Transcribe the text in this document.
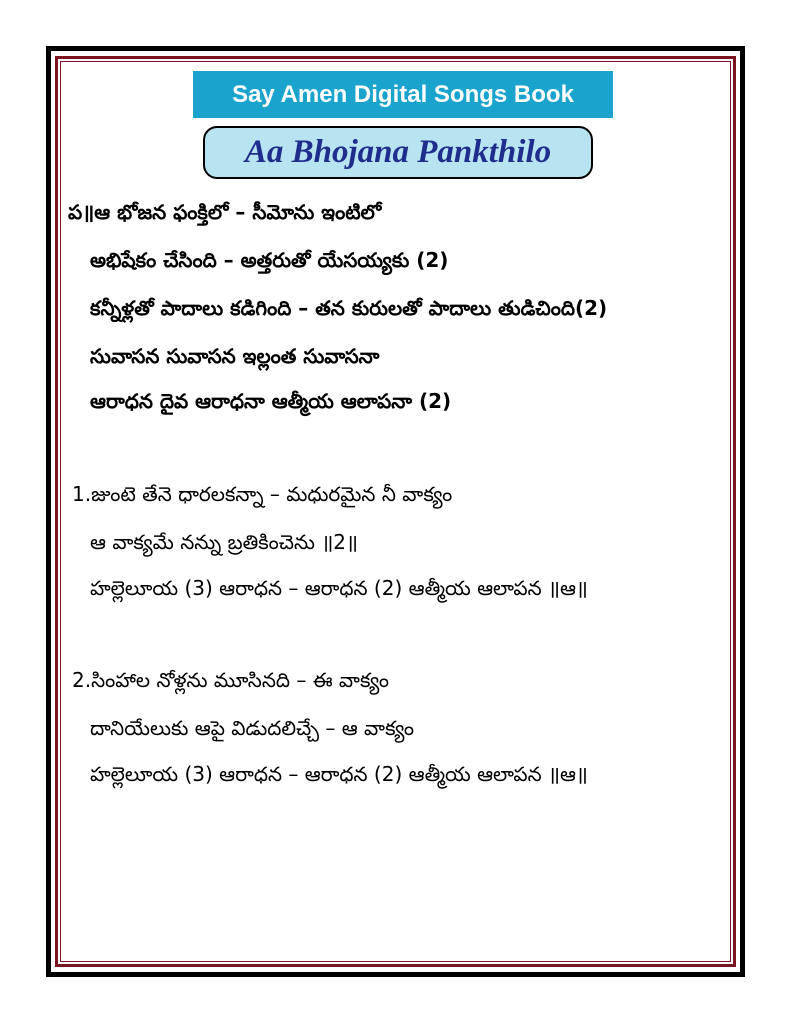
Say Amen Digital Songs Book
Aa Bhojana Pankthilo
ప॥ఆ భోజన ఫంక్తిలో – సీమోను ఇంటిలో
అభిషేకం చేసింది – అత్తరుతో యేసయ్యకు (2)
కన్నీళ్లతో పాదాలు కడిగింది – తన కురులతో పాదాలు తుడిచింది(2)
సువాసన సువాసన ఇల్లంత సువాసనా
ఆరాధన దైవ ఆరాధనా ఆత్మీయ ఆలాపనా (2)
1.జుంటె తేనె ధారలకన్నా – మధురమైన నీ వాక్యం
ఆ వాక్యమే నన్ను బ్రతికించెను ॥2॥
హల్లెలూయ (3) ఆరాధన – ఆరాధన (2) ఆత్మీయ ఆలాపన ॥ఆ॥
2.సింహాల నోళ్లను మూసినది – ఈ వాక్యం
దానియేలుకు ఆపై విడుదలిచ్చే – ఆ వాక్యం
హల్లెలూయ (3) ఆరాధన – ఆరాధన (2) ఆత్మీయ ఆలాపన ॥ఆ॥
